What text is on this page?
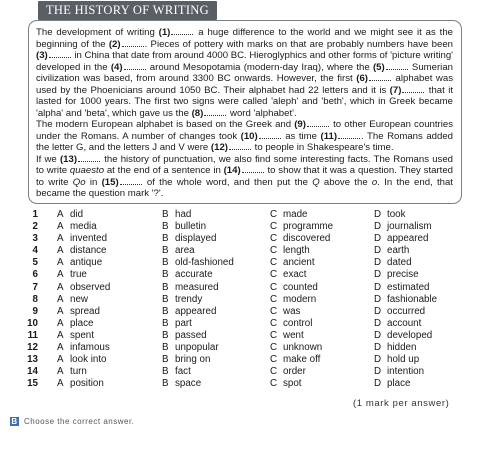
THE HISTORY OF WRITING

The development of writing (1)	a huge difference to the world and we might see it as the beginning of the (2)	. Pieces of pottery with marks on that are probably numbers have been (3)	in China that date from around 4000 BC. Hieroglyphics and other forms of 'picture writing' developed in the (4)	around Mesopotamia (modern-day Iraq), where the (5)	Sumerian civilization was based, from around 3300 BC onwards. However, the first (6)	alphabet was used by the Phoenicians around 1050 BC. Their alphabet had 22 letters and it is (7)	that it lasted for 1000 years. The first two signs were called 'aleph' and 'beth', which in Greek became 'alpha' and 'beta', which gave us the (8)	word 'alphabet'.

The modern European alphabet is based on the Greek and (9)	to other European countries under the Romans. A number of changes took (10)	as time (11)	. The Romans added the letter G, and the letters J and V were (12)	to people in Shakespeare's time.

If we (13)	the history of punctuation, we also find some interesting facts. The Romans used to write quaesto at the end of a sentence in (14)	to show that it was a question. They started to write Qo in (15)	of the whole word, and then put the Q above the o. In the end, that became the question mark '?'.

1 A did	B had	C made	D took
2 A media	B bulletin	C programme	D journalism
3 A invented	B displayed	C discovered	D appeared
4 A distance	B area	C length	D earth
5 A antique	B old-fashioned	C ancient	D dated
6 A true	B accurate	C exact	D precise
7 A observed	B measured	C counted	D estimated
8 A new	B trendy	C modern	D fashionable
9 A spread	B appeared	C was	D occurred
10 A place	B part	C control	D account
11 A spent	B passed	C went	D developed
12 A infamous	B unpopular	C unknown	D hidden
13 A look into	B bring on	C make off	D hold up
14 A turn	B fact	C order	D intention
15 A position	B space	C spot	D place
(1 mark per answer)
B Choose the correct answer.
